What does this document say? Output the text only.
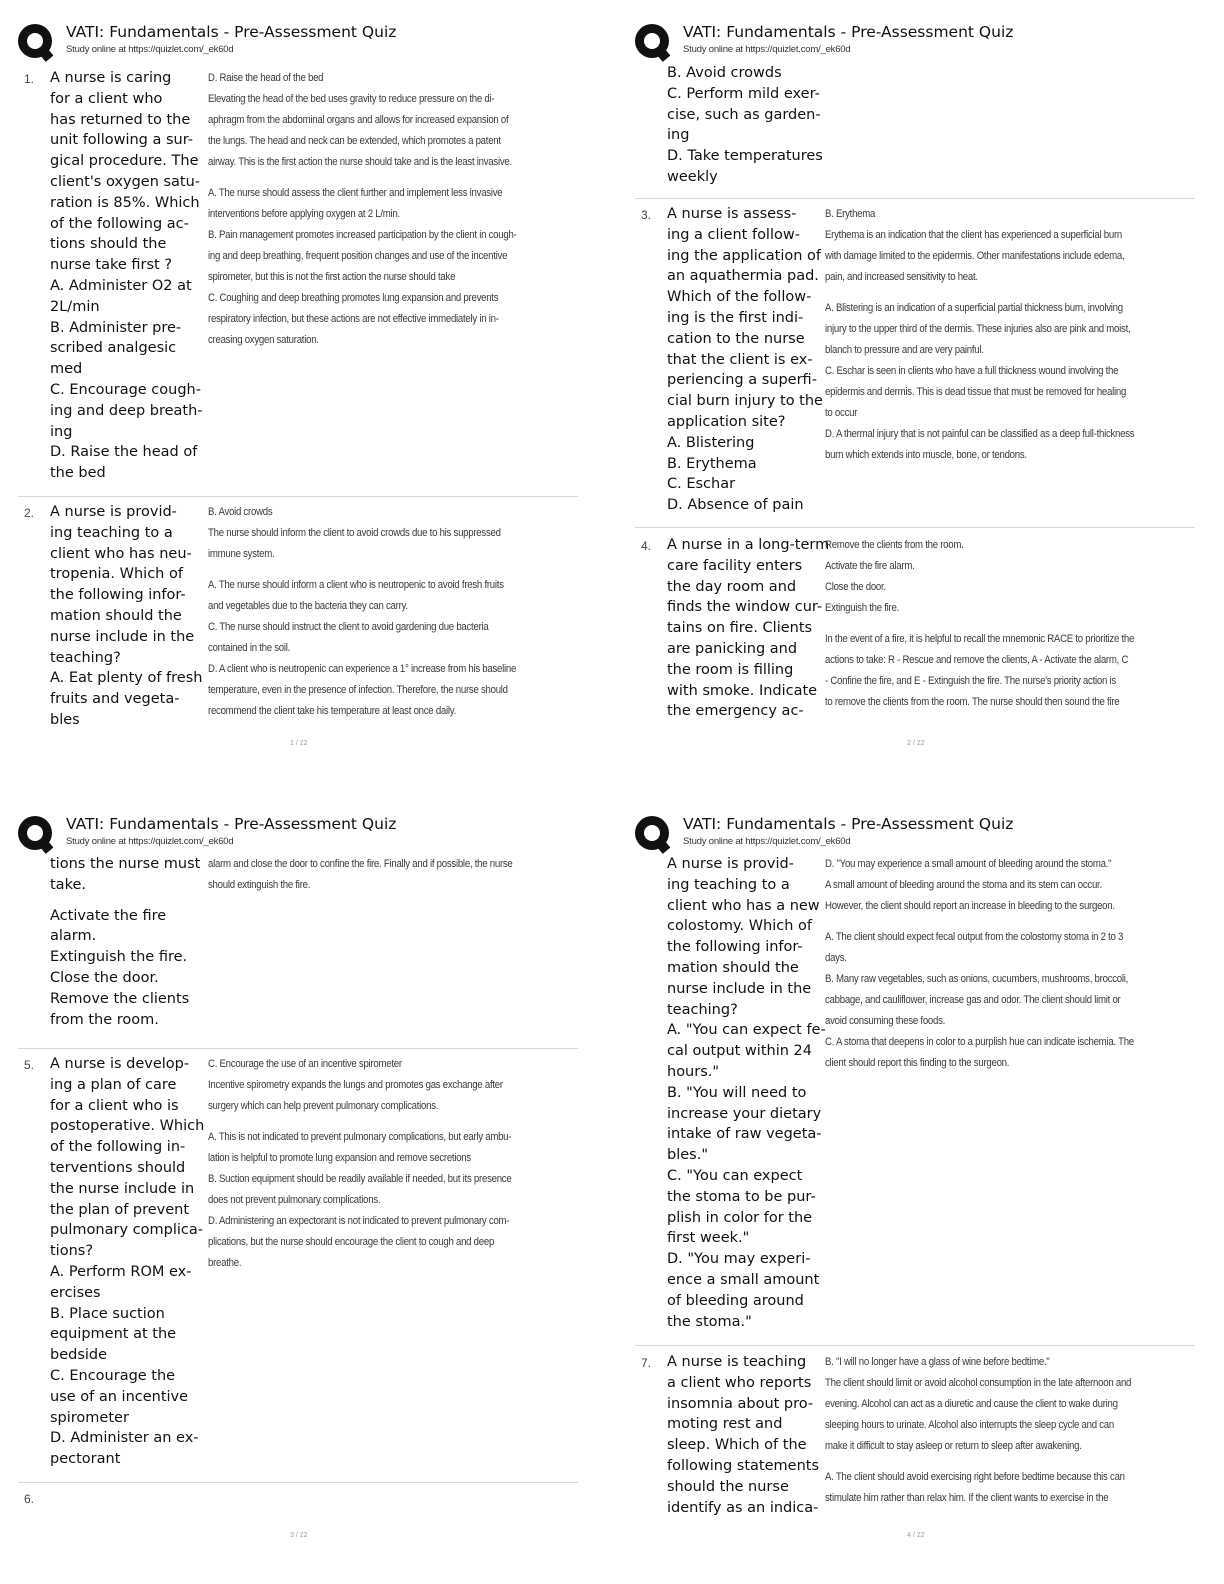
VATI: Fundamentals - Pre-Assessment Quiz
Study online at https://quizlet.com/_ek60d
1. A nurse is caring
for a client who
has returned to the
unit following a sur-
gical procedure. The
client's oxygen satu-
ration is 85%. Which
of the following ac-
tions should the
nurse take first ?
A. Administer O2 at
2L/min
B. Administer pre-
scribed analgesic
med
C. Encourage cough-
ing and deep breath-
ing
D. Raise the head of
the bed
D. Raise the head of the bed
Elevating the head of the bed uses gravity to reduce pressure on the di-
aphragm from the abdominal organs and allows for increased expansion of
the lungs. The head and neck can be extended, which promotes a patent
airway. This is the first action the nurse should take and is the least invasive.
A. The nurse should assess the client further and implement less invasive
interventions before applying oxygen at 2 L/min.
B. Pain management promotes increased participation by the client in cough-
ing and deep breathing, frequent position changes and use of the incentive
spirometer, but this is not the first action the nurse should take
C. Coughing and deep breathing promotes lung expansion and prevents
respiratory infection, but these actions are not effective immediately in in-
creasing oxygen saturation.
2. A nurse is provid-
ing teaching to a
client who has neu-
tropenia. Which of
the following infor-
mation should the
nurse include in the
teaching?
A. Eat plenty of fresh
fruits and vegeta-
bles
B. Avoid crowds
The nurse should inform the client to avoid crowds due to his suppressed
immune system.
A. The nurse should inform a client who is neutropenic to avoid fresh fruits
and vegetables due to the bacteria they can carry.
C. The nurse should instruct the client to avoid gardening due bacteria
contained in the soil.
D. A client who is neutropenic can experience a 1° increase from his baseline
temperature, even in the presence of infection. Therefore, the nurse should
recommend the client take his temperature at least once daily.
1 / 22
VATI: Fundamentals - Pre-Assessment Quiz
Study online at https://quizlet.com/_ek60d
B. Avoid crowds
C. Perform mild exer-
cise, such as garden-
ing
D. Take temperatures
weekly
3. A nurse is assess-
ing a client follow-
ing the application of
an aquathermia pad.
Which of the follow-
ing is the first indi-
cation to the nurse
that the client is ex-
periencing a superfi-
cial burn injury to the
application site?
A. Blistering
B. Erythema
C. Eschar
D. Absence of pain
B. Erythema
Erythema is an indication that the client has experienced a superficial burn
with damage limited to the epidermis. Other manifestations include edema,
pain, and increased sensitivity to heat.
A. Blistering is an indication of a superficial partial thickness burn, involving
injury to the upper third of the dermis. These injuries also are pink and moist,
blanch to pressure and are very painful.
C. Eschar is seen in clients who have a full thickness wound involving the
epidermis and dermis. This is dead tissue that must be removed for healing
to occur
D. A thermal injury that is not painful can be classified as a deep full-thickness
burn which extends into muscle, bone, or tendons.
4. A nurse in a long-term
care facility enters
the day room and
finds the window cur-
tains on fire. Clients
are panicking and
the room is filling
with smoke. Indicate
the emergency ac-
Remove the clients from the room.
Activate the fire alarm.
Close the door.
Extinguish the fire.
In the event of a fire, it is helpful to recall the mnemonic RACE to prioritize the
actions to take: R - Rescue and remove the clients, A - Activate the alarm, C
- Confine the fire, and E - Extinguish the fire. The nurse's priority action is
to remove the clients from the room. The nurse should then sound the fire
2 / 22
VATI: Fundamentals - Pre-Assessment Quiz
Study online at https://quizlet.com/_ek60d
tions the nurse must
take.
Activate the fire
alarm.
Extinguish the fire.
Close the door.
Remove the clients
from the room.
alarm and close the door to confine the fire. Finally and if possible, the nurse
should extinguish the fire.
5. A nurse is develop-
ing a plan of care
for a client who is
postoperative. Which
of the following in-
terventions should
the nurse include in
the plan of prevent
pulmonary complica-
tions?
A. Perform ROM ex-
ercises
B. Place suction
equipment at the
bedside
C. Encourage the
use of an incentive
spirometer
D. Administer an ex-
pectorant
C. Encourage the use of an incentive spirometer
Incentive spirometry expands the lungs and promotes gas exchange after
surgery which can help prevent pulmonary complications.
A. This is not indicated to prevent pulmonary complications, but early ambu-
lation is helpful to promote lung expansion and remove secretions
B. Suction equipment should be readily available if needed, but its presence
does not prevent pulmonary complications.
D. Administering an expectorant is not indicated to prevent pulmonary com-
plications, but the nurse should encourage the client to cough and deep
breathe.
6.
3 / 22
VATI: Fundamentals - Pre-Assessment Quiz
Study online at https://quizlet.com/_ek60d
A nurse is provid-
ing teaching to a
client who has a new
colostomy. Which of
the following infor-
mation should the
nurse include in the
teaching?
A. "You can expect fe-
cal output within 24
hours."
B. "You will need to
increase your dietary
intake of raw vegeta-
bles."
C. "You can expect
the stoma to be pur-
plish in color for the
first week."
D. "You may experi-
ence a small amount
of bleeding around
the stoma."
D. "You may experience a small amount of bleeding around the stoma."
A small amount of bleeding around the stoma and its stem can occur.
However, the client should report an increase in bleeding to the surgeon.
A. The client should expect fecal output from the colostomy stoma in 2 to 3
days.
B. Many raw vegetables, such as onions, cucumbers, mushrooms, broccoli,
cabbage, and cauliflower, increase gas and odor. The client should limit or
avoid consuming these foods.
C. A stoma that deepens in color to a purplish hue can indicate ischemia. The
client should report this finding to the surgeon.
7. A nurse is teaching
a client who reports
insomnia about pro-
moting rest and
sleep. Which of the
following statements
should the nurse
identify as an indica-
B. "I will no longer have a glass of wine before bedtime."
The client should limit or avoid alcohol consumption in the late afternoon and
evening. Alcohol can act as a diuretic and cause the client to wake during
sleeping hours to urinate. Alcohol also interrupts the sleep cycle and can
make it difficult to stay asleep or return to sleep after awakening.
A. The client should avoid exercising right before bedtime because this can
stimulate him rather than relax him. If the client wants to exercise in the
4 / 22
